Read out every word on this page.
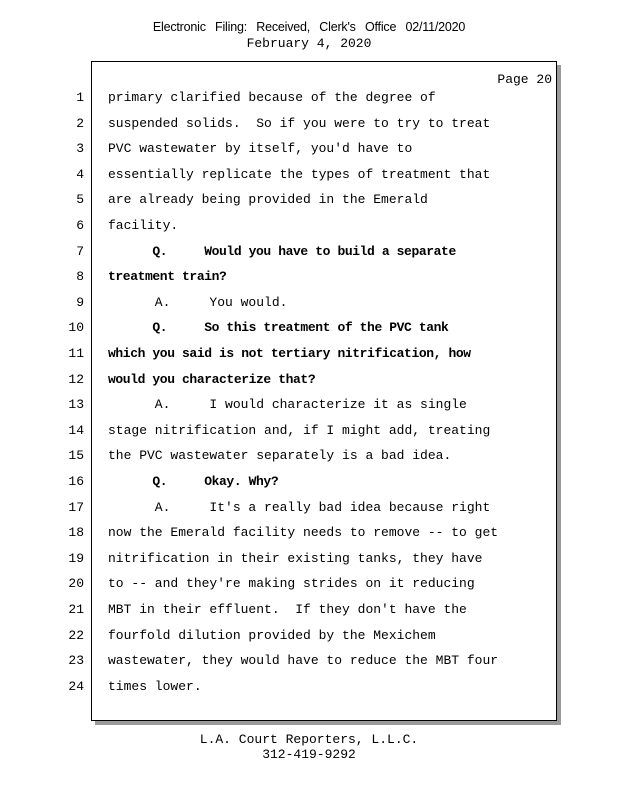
Electronic Filing: Received, Clerk's Office 02/11/2020
February 4, 2020
Page 20
1 primary clarified because of the degree of
2 suspended solids.  So if you were to try to treat
3 PVC wastewater by itself, you'd have to
4 essentially replicate the types of treatment that
5 are already being provided in the Emerald
6 facility.
7 Q.     Would you have to build a separate
8 treatment train?
9 A.     You would.
10 Q.     So this treatment of the PVC tank
11 which you said is not tertiary nitrification, how
12 would you characterize that?
13 A.     I would characterize it as single
14 stage nitrification and, if I might add, treating
15 the PVC wastewater separately is a bad idea.
16 Q.     Okay. Why?
17 A.     It's a really bad idea because right
18 now the Emerald facility needs to remove -- to get
19 nitrification in their existing tanks, they have
20 to -- and they're making strides on it reducing
21 MBT in their effluent.  If they don't have the
22 fourfold dilution provided by the Mexichem
23 wastewater, they would have to reduce the MBT four
24 times lower.
L.A. Court Reporters, L.L.C.
312-419-9292
